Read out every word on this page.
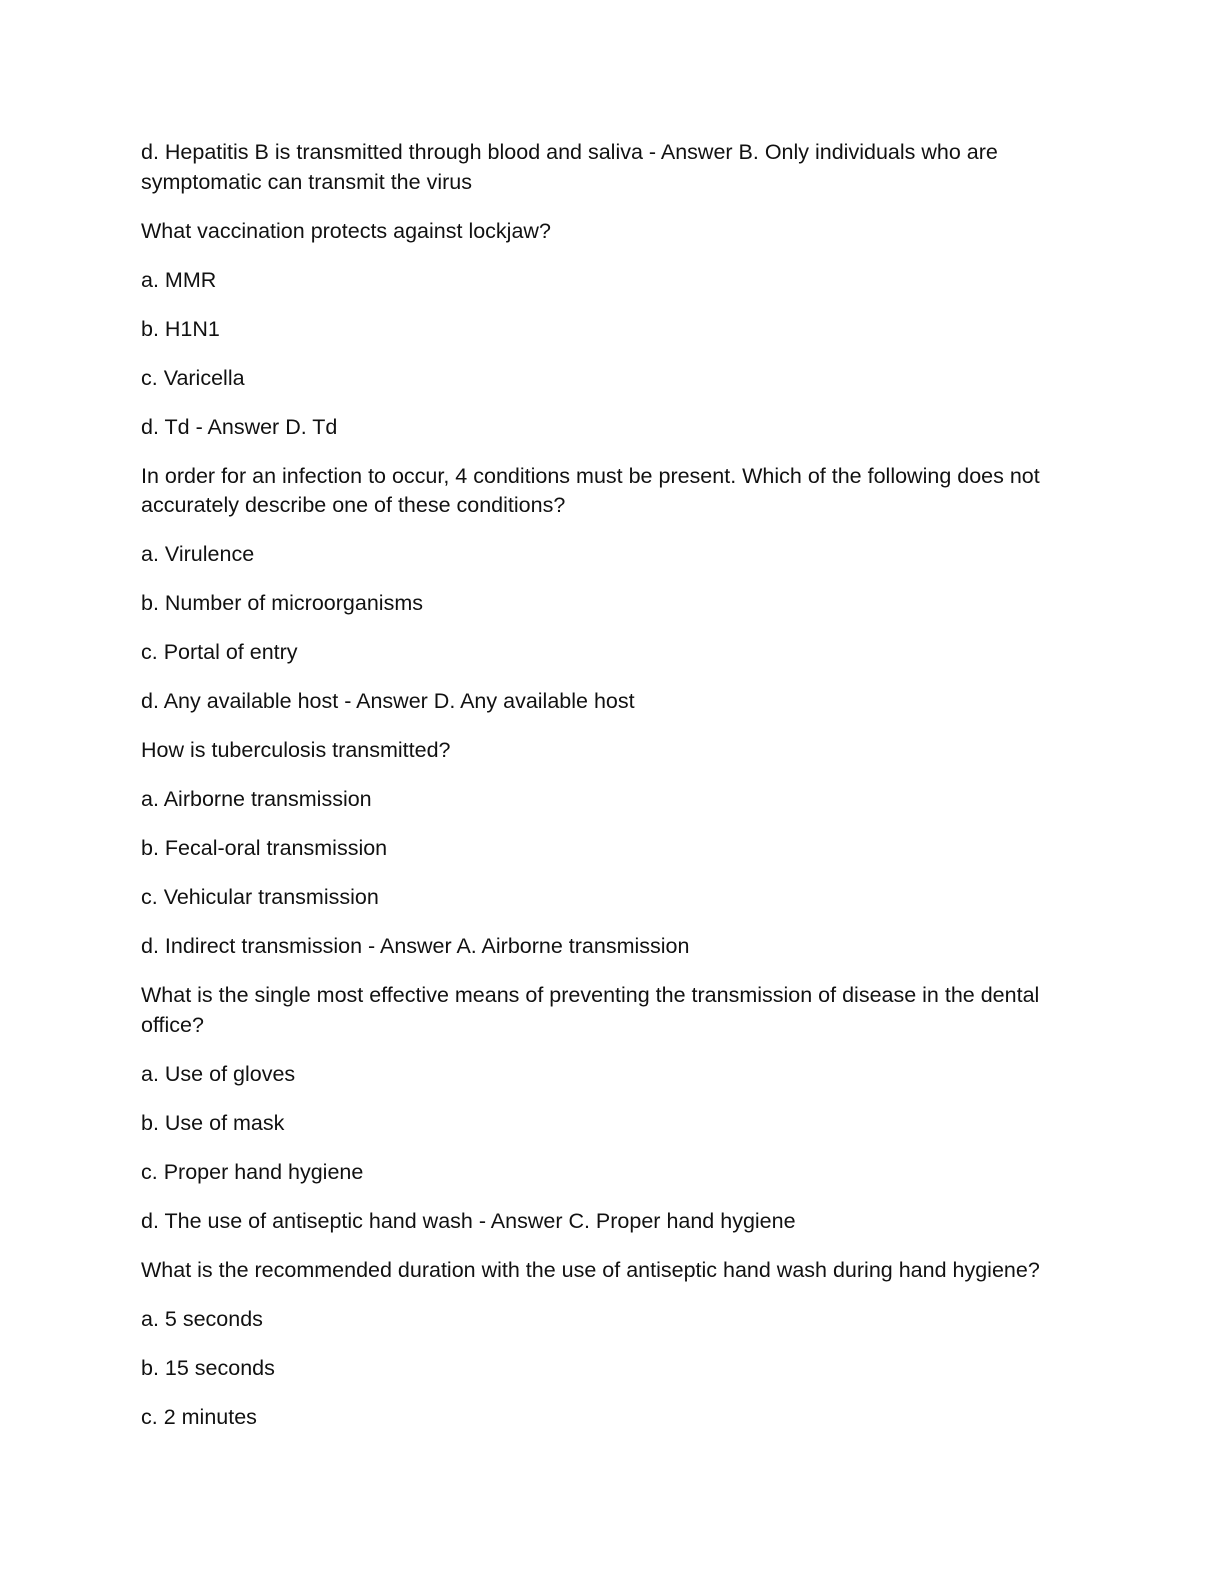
d. Hepatitis B is transmitted through blood and saliva - Answer B. Only individuals who are symptomatic can transmit the virus

What vaccination protects against lockjaw?

a. MMR

b. H1N1

c. Varicella

d. Td - Answer D. Td

In order for an infection to occur, 4 conditions must be present. Which of the following does not accurately describe one of these conditions?

a. Virulence

b. Number of microorganisms

c. Portal of entry

d. Any available host - Answer D. Any available host

How is tuberculosis transmitted?

a. Airborne transmission

b. Fecal-oral transmission

c. Vehicular transmission

d. Indirect transmission - Answer A. Airborne transmission

What is the single most effective means of preventing the transmission of disease in the dental office?

a. Use of gloves

b. Use of mask

c. Proper hand hygiene

d. The use of antiseptic hand wash - Answer C. Proper hand hygiene

What is the recommended duration with the use of antiseptic hand wash during hand hygiene?

a. 5 seconds

b. 15 seconds

c. 2 minutes
